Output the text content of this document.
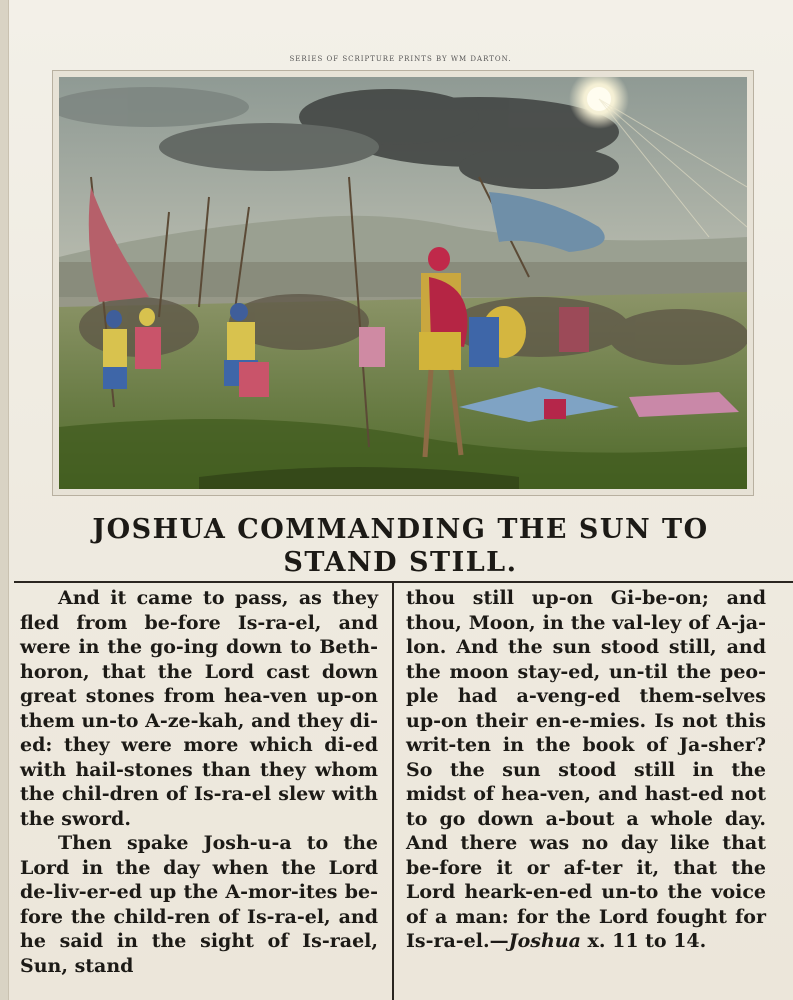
SERIES OF SCRIPTURE PRINTS BY WM DARTON.
JOSHUA COMMANDING THE SUN TO
STAND STILL.

And it came to pass, as they fled from be-fore Is-ra-el, and were in the go-ing down to Beth-horon, that the Lord cast down great stones from hea-ven up-on them un-to A-ze-kah, and they di-ed: they were more which di-ed with hail-stones than they whom the chil-dren of Is-ra-el slew with the sword.

Then spake Josh-u-a to the Lord in the day when the Lord de-liv-er-ed up the A-mor-ites be-fore the child-ren of Is-ra-el, and he said in the sight of Is-rael, Sun, stand

thou still up-on Gi-be-on; and thou, Moon, in the val-ley of A-ja-lon. And the sun stood still, and the moon stay-ed, un-til the peo-ple had a-veng-ed them-selves up-on their en-e-mies. Is not this writ-ten in the book of Ja-sher? So the sun stood still in the midst of hea-ven, and hast-ed not to go down a-bout a whole day. And there was no day like that be-fore it or af-ter it, that the Lord heark-en-ed un-to the voice of a man: for the Lord fought for Is-ra-el.—Joshua x. 11 to 14.
